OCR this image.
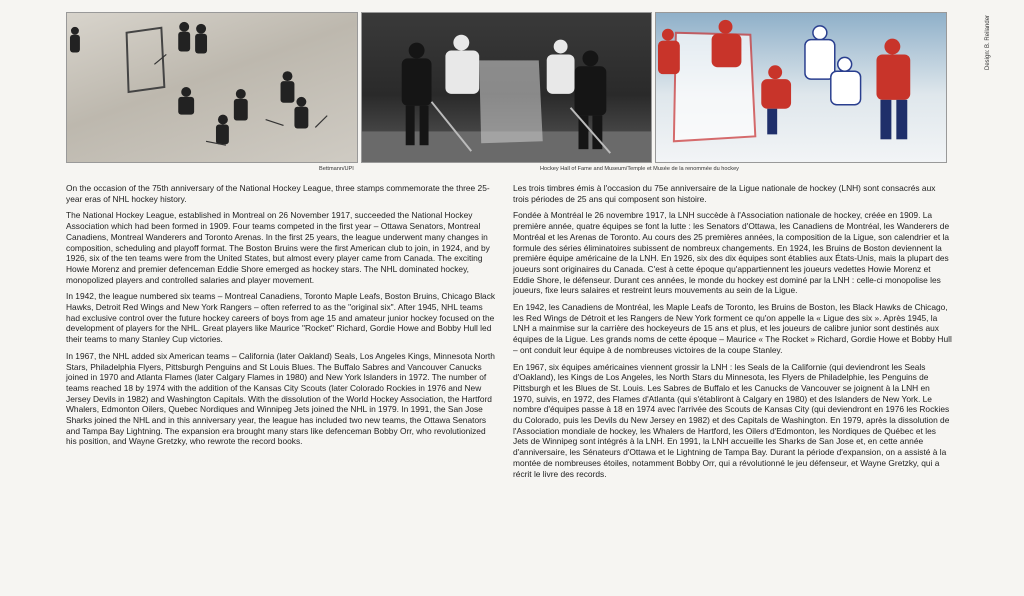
Bettmann/UPI	Hockey Hall of Fame and Museum/Temple et Musée de la renommée du hockey
Design: B. Reilander

On the occasion of the 75th anniversary of the National Hockey League, three stamps commemorate the three 25-year eras of NHL hockey history.

The National Hockey League, established in Montreal on 26 November 1917, succeeded the National Hockey Association which had been formed in 1909. Four teams competed in the first year – Ottawa Senators, Montreal Canadiens, Montreal Wanderers and Toronto Arenas. In the first 25 years, the league underwent many changes in composition, scheduling and playoff format. The Boston Bruins were the first American club to join, in 1924, and by 1926, six of the ten teams were from the United States, but almost every player came from Canada. The exciting Howie Morenz and premier defenceman Eddie Shore emerged as hockey stars. The NHL dominated hockey, monopolized players and controlled salaries and player movement.

In 1942, the league numbered six teams – Montreal Canadiens, Toronto Maple Leafs, Boston Bruins, Chicago Black Hawks, Detroit Red Wings and New York Rangers – often referred to as the "original six". After 1945, NHL teams had exclusive control over the future hockey careers of boys from age 15 and amateur junior hockey focused on the development of players for the NHL. Great players like Maurice "Rocket" Richard, Gordie Howe and Bobby Hull led their teams to many Stanley Cup victories.

In 1967, the NHL added six American teams – California (later Oakland) Seals, Los Angeles Kings, Minnesota North Stars, Philadelphia Flyers, Pittsburgh Penguins and St Louis Blues. The Buffalo Sabres and Vancouver Canucks joined in 1970 and Atlanta Flames (later Calgary Flames in 1980) and New York Islanders in 1972. The number of teams reached 18 by 1974 with the addition of the Kansas City Scouts (later Colorado Rockies in 1976 and New Jersey Devils in 1982) and Washington Capitals. With the dissolution of the World Hockey Association, the Hartford Whalers, Edmonton Oilers, Quebec Nordiques and Winnipeg Jets joined the NHL in 1979. In 1991, the San Jose Sharks joined the NHL and in this anniversary year, the league has included two new teams, the Ottawa Senators and Tampa Bay Lightning. The expansion era brought many stars like defenceman Bobby Orr, who revolutionized his position, and Wayne Gretzky, who rewrote the record books.

Les trois timbres émis à l'occasion du 75e anniversaire de la Ligue nationale de hockey (LNH) sont consacrés aux trois périodes de 25 ans qui composent son histoire.

Fondée à Montréal le 26 novembre 1917, la LNH succède à l'Association nationale de hockey, créée en 1909. La première année, quatre équipes se font la lutte : les Senators d'Ottawa, les Canadiens de Montréal, les Wanderers de Montréal et les Arenas de Toronto. Au cours des 25 premières années, la composition de la Ligue, son calendrier et la formule des séries éliminatoires subissent de nombreux changements. En 1924, les Bruins de Boston deviennent la première équipe américaine de la LNH. En 1926, six des dix équipes sont établies aux États-Unis, mais la plupart des joueurs sont originaires du Canada. C'est à cette époque qu'appartiennent les joueurs vedettes Howie Morenz et Eddie Shore, le défenseur. Durant ces années, le monde du hockey est dominé par la LNH : celle-ci monopolise les joueurs, fixe leurs salaires et restreint leurs mouvements au sein de la Ligue.

En 1942, les Canadiens de Montréal, les Maple Leafs de Toronto, les Bruins de Boston, les Black Hawks de Chicago, les Red Wings de Détroit et les Rangers de New York forment ce qu'on appelle la « Ligue des six ». Après 1945, la LNH a mainmise sur la carrière des hockeyeurs de 15 ans et plus, et les joueurs de calibre junior sont destinés aux équipes de la Ligue. Les grands noms de cette époque – Maurice « The Rocket » Richard, Gordie Howe et Bobby Hull – ont conduit leur équipe à de nombreuses victoires de la coupe Stanley.

En 1967, six équipes américaines viennent grossir la LNH : les Seals de la Californie (qui deviendront les Seals d'Oakland), les Kings de Los Angeles, les North Stars du Minnesota, les Flyers de Philadelphie, les Penguins de Pittsburgh et les Blues de St. Louis. Les Sabres de Buffalo et les Canucks de Vancouver se joignent à la LNH en 1970, suivis, en 1972, des Flames d'Atlanta (qui s'établiront à Calgary en 1980) et des Islanders de New York. Le nombre d'équipes passe à 18 en 1974 avec l'arrivée des Scouts de Kansas City (qui deviendront en 1976 les Rockies du Colorado, puis les Devils du New Jersey en 1982) et des Capitals de Washington. En 1979, après la dissolution de l'Association mondiale de hockey, les Whalers de Hartford, les Oilers d'Edmonton, les Nordiques de Québec et les Jets de Winnipeg sont intégrés à la LNH. En 1991, la LNH accueille les Sharks de San Jose et, en cette année d'anniversaire, les Sénateurs d'Ottawa et le Lightning de Tampa Bay. Durant la période d'expansion, on a assisté à la montée de nombreuses étoiles, notamment Bobby Orr, qui a révolutionné le jeu défenseur, et Wayne Gretzky, qui a récrit le livre des records.
